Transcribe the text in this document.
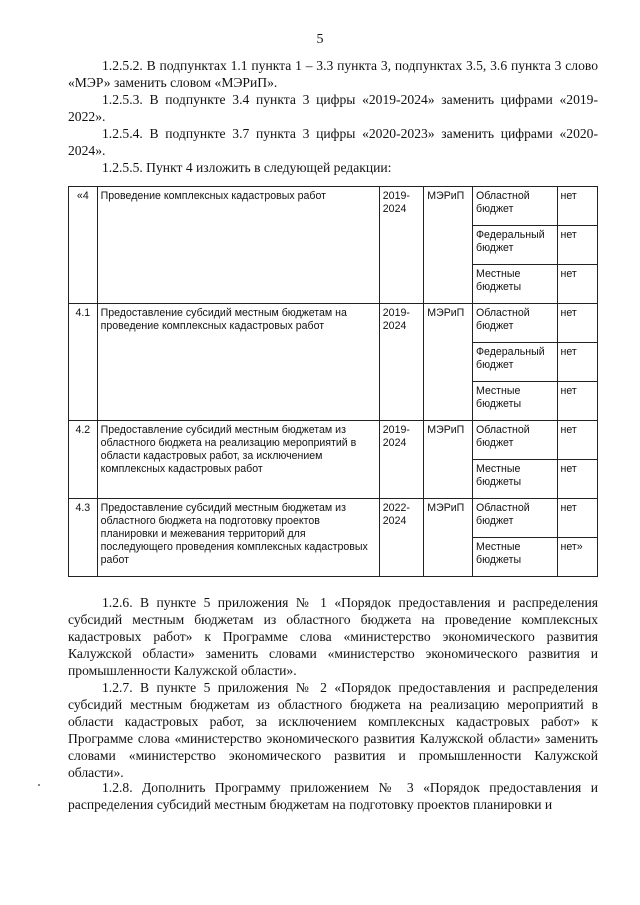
5

1.2.5.2. В подпунктах 1.1 пункта 1 – 3.3 пункта 3, подпунктах 3.5, 3.6 пункта 3 слово «МЭР» заменить словом «МЭРиП».

1.2.5.3. В подпункте 3.4 пункта 3 цифры «2019-2024» заменить цифрами «2019-2022».

1.2.5.4. В подпункте 3.7 пункта 3 цифры «2020-2023» заменить цифрами «2020-2024».

1.2.5.5. Пункт 4 изложить в следующей редакции:

«4	Проведение комплексных кадастровых работ	2019-2024	МЭРиП	Областной бюджет	нет
				Федеральный бюджет	нет
				Местные бюджеты	нет
4.1	Предоставление субсидий местным бюджетам на проведение комплексных кадастровых работ	2019-2024	МЭРиП	Областной бюджет	нет
				Федеральный бюджет	нет
				Местные бюджеты	нет
4.2	Предоставление субсидий местным бюджетам из областного бюджета на реализацию мероприятий в области кадастровых работ, за исключением комплексных кадастровых работ	2019-2024	МЭРиП	Областной бюджет	нет
				Местные бюджеты	нет
4.3	Предоставление субсидий местным бюджетам из областного бюджета на подготовку проектов планировки и межевания территорий для последующего проведения комплексных кадастровых работ	2022-2024	МЭРиП	Областной бюджет	нет
				Местные бюджеты	нет»

1.2.6. В пункте 5 приложения № 1 «Порядок предоставления и распределения субсидий местным бюджетам из областного бюджета на проведение комплексных кадастровых работ» к Программе слова «министерство экономического развития Калужской области» заменить словами «министерство экономического развития и промышленности Калужской области».

1.2.7. В пункте 5 приложения № 2 «Порядок предоставления и распределения субсидий местным бюджетам из областного бюджета на реализацию мероприятий в области кадастровых работ, за исключением комплексных кадастровых работ» к Программе слова «министерство экономического развития Калужской области» заменить словами «министерство экономического развития и промышленности Калужской области».

1.2.8. Дополнить Программу приложением № 3 «Порядок предоставления и распределения субсидий местным бюджетам на подготовку проектов планировки и
